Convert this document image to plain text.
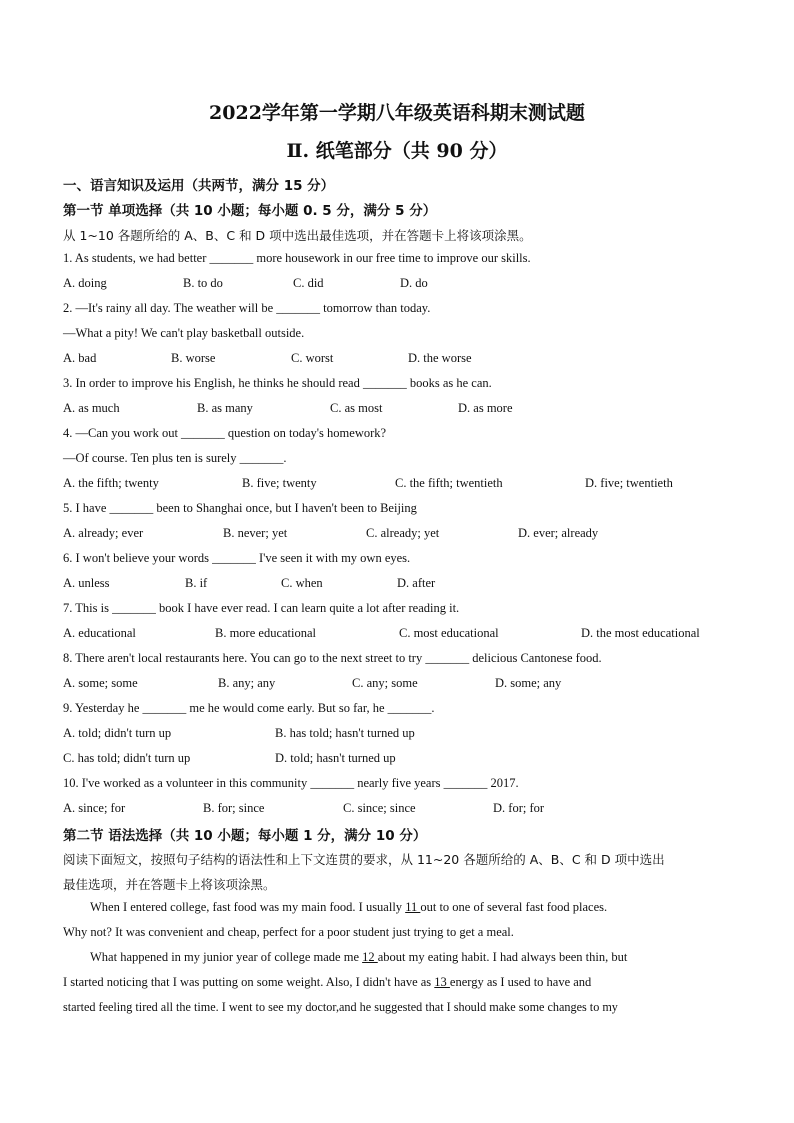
2022学年第一学期八年级英语科期末测试题
Ⅱ. 纸笔部分（共 90 分）
一、语言知识及运用（共两节，满分 15 分）
第一节 单项选择（共 10 小题；每小题 0. 5 分，满分 5 分）
从 1~10 各题所给的 A、B、C 和 D 项中选出最佳选项，并在答题卡上将该项涂黑。
1. As students, we had better _______ more housework in our free time to improve our skills.
A. doing	B. to do	C. did	D. do
2. —It's rainy all day. The weather will be _______ tomorrow than today.
—What a pity! We can't play basketball outside.
A. bad	B. worse	C. worst	D. the worse
3. In order to improve his English, he thinks he should read _______ books as he can.
A. as much	B. as many	C. as most	D. as more
4. —Can you work out _______ question on today's homework?
—Of course. Ten plus ten is surely _______.
A. the fifth; twenty	B. five; twenty	C. the fifth; twentieth	D. five; twentieth
5. I have _______ been to Shanghai once, but I haven't been to Beijing
A. already; ever	B. never; yet	C. already; yet	D. ever; already
6. I won't believe your words _______ I've seen it with my own eyes.
A. unless	B. if	C. when	D. after
7. This is _______ book I have ever read. I can learn quite a lot after reading it.
A. educational	B. more educational	C. most educational	D. the most educational
8. There aren't local restaurants here. You can go to the next street to try _______ delicious Cantonese food.
A. some; some	B. any; any	C. any; some	D. some; any
9. Yesterday he _______ me he would come early. But so far, he _______.
A. told; didn't turn up	B. has told; hasn't turned up
C. has told; didn't turn up	D. told; hasn't turned up
10. I've worked as a volunteer in this community _______ nearly five years _______ 2017.
A. since; for	B. for; since	C. since; since	D. for; for
第二节 语法选择（共 10 小题；每小题 1 分，满分 10 分）
阅读下面短文，按照句子结构的语法性和上下文连贯的要求，从 11~20 各题所给的 A、B、C 和 D 项中选出
最佳选项，并在答题卡上将该项涂黑。
When I entered college, fast food was my main food. I usually 11 out to one of several fast food places.
Why not? It was convenient and cheap, perfect for a poor student just trying to get a meal.
What happened in my junior year of college made me 12 about my eating habit. I had always been thin, but
I started noticing that I was putting on some weight. Also, I didn't have as 13 energy as I used to have and
started feeling tired all the time. I went to see my doctor,and he suggested that I should make some changes to my
